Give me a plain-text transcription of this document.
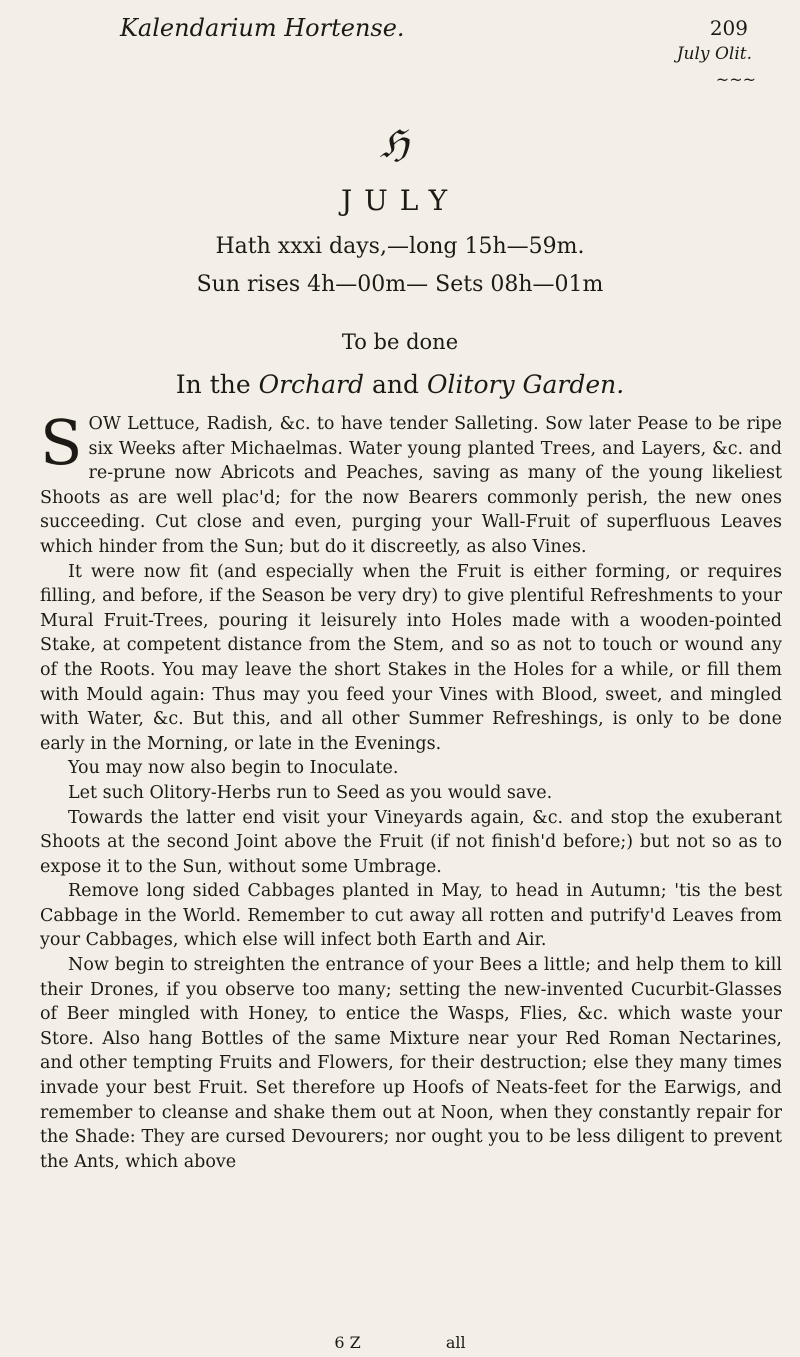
Kalendarium Hortense.	209
July Olit.
~~~
ℌ
JULY
Hath xxxi days,—long 15h—59m.
Sun rises 4h—00m— Sets 08h—01m
To be done
In the Orchard and Olitory Garden.

SOW Lettuce, Radish, &c. to have tender Salleting. Sow later Pease to be ripe six Weeks after Michaelmas. Water young planted Trees, and Layers, &c. and re-prune now Abricots and Peaches, saving as many of the young likeliest Shoots as are well plac'd; for the now Bearers commonly perish, the new ones succeeding. Cut close and even, purging your Wall-Fruit of superfluous Leaves which hinder from the Sun; but do it discreetly, as also Vines.

It were now fit (and especially when the Fruit is either forming, or requires filling, and before, if the Season be very dry) to give plentiful Refreshments to your Mural Fruit-Trees, pouring it leisurely into Holes made with a wooden-pointed Stake, at competent distance from the Stem, and so as not to touch or wound any of the Roots. You may leave the short Stakes in the Holes for a while, or fill them with Mould again: Thus may you feed your Vines with Blood, sweet, and mingled with Water, &c. But this, and all other Summer Refreshings, is only to be done early in the Morning, or late in the Evenings.

You may now also begin to Inoculate.

Let such Olitory-Herbs run to Seed as you would save.

Towards the latter end visit your Vineyards again, &c. and stop the exuberant Shoots at the second Joint above the Fruit (if not finish'd before;) but not so as to expose it to the Sun, without some Umbrage.

Remove long sided Cabbages planted in May, to head in Autumn; 'tis the best Cabbage in the World. Remember to cut away all rotten and putrify'd Leaves from your Cabbages, which else will infect both Earth and Air.

Now begin to streighten the entrance of your Bees a little; and help them to kill their Drones, if you observe too many; setting the new-invented Cucurbit-Glasses of Beer mingled with Honey, to entice the Wasps, Flies, &c. which waste your Store. Also hang Bottles of the same Mixture near your Red Roman Nectarines, and other tempting Fruits and Flowers, for their destruction; else they many times invade your best Fruit. Set therefore up Hoofs of Neats-feet for the Earwigs, and remember to cleanse and shake them out at Noon, when they constantly repair for the Shade: They are cursed Devourers; nor ought you to be less diligent to prevent the Ants, which above

6 Z	all
